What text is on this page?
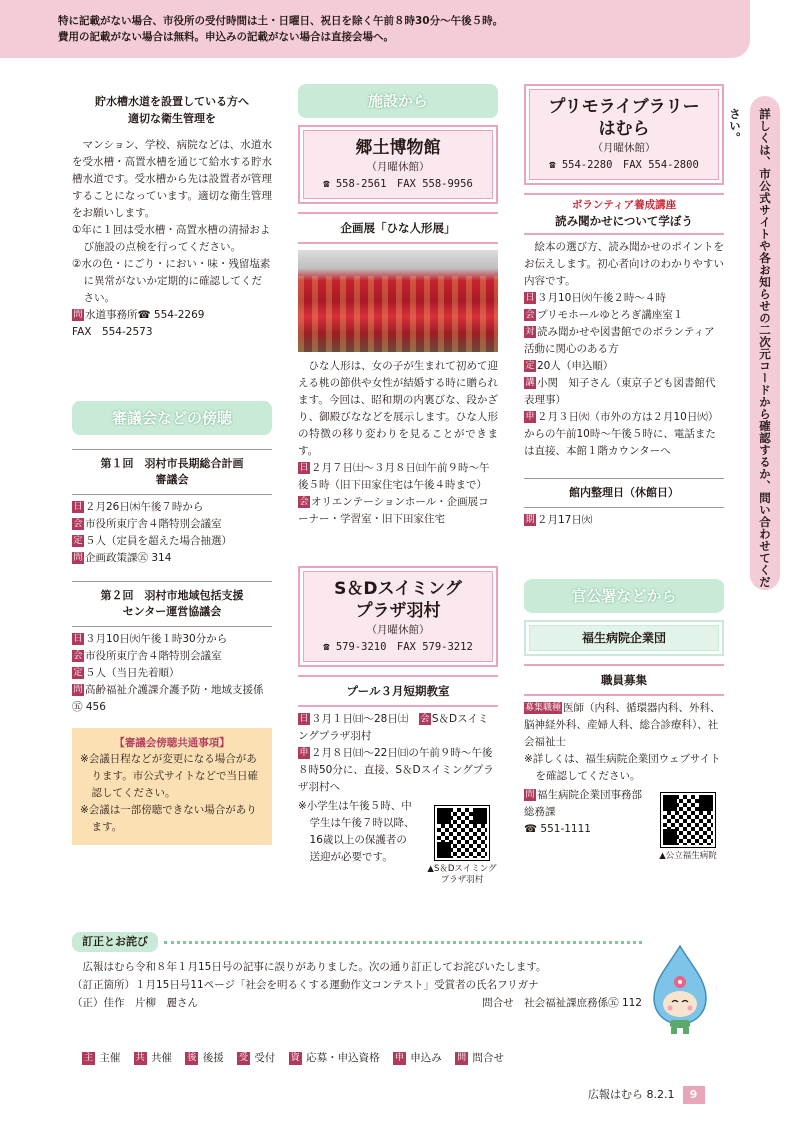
特に記載がない場合、市役所の受付時間は土・日曜日、祝日を除く午前８時30分～午後５時。
費用の記載がない場合は無料。申込みの記載がない場合は直接会場へ。
貯水槽水道を設置している方へ
適切な衛生管理を

マンション、学校、病院などは、水道水を受水槽・高置水槽を通じて給水する貯水槽水道です。受水槽から先は設置者が管理することになっています。適切な衛生管理をお願いします。

①年に１回は受水槽・高置水槽の清掃および施設の点検を行ってください。

②水の色・にごり・におい・味・残留塩素に異常がないか定期的に確認してください。

問 水道事務所☎ 554-2269

FAX　554-2573

審議会などの傍聴
第１回　羽村市長期総合計画
審議会

日 ２月26日㈭午後７時から

会 市役所東庁舎４階特別会議室

定 ５人（定員を超えた場合抽選）

問 企画政策課㊄ 314

第２回　羽村市地域包括支援
センター運営協議会

日 ３月10日㈫午後１時30分から

会 市役所東庁舎４階特別会議室

定 ５人（当日先着順）

問 高齢福祉介護課介護予防・地域支援係㊄ 456

【審議会傍聴共通事項】

※会議日程などが変更になる場合があります。市公式サイトなどで当日確認してください。

※会議は一部傍聴できない場合があります。

施設から
郷土博物館
（月曜休館）
☎ 558-2561　FAX 558-9956
企画展「ひな人形展」

ひな人形は、女の子が生まれて初めて迎える桃の節供や女性が結婚する時に贈られます。今回は、昭和期の内裏びな、段かざり、御殿びななどを展示します。ひな人形の特徴の移り変わりを見ることができます。

日 ２月７日㈯～３月８日㈰午前９時～午後５時（旧下田家住宅は午後４時まで）

会 オリエンテーションホール・企画展コーナー・学習室・旧下田家住宅

S＆Dスイミング
プラザ羽村
（月曜休館）
☎ 579-3210　FAX 579-3212
プール３月短期教室

日 ３月１日㈰～28日㈯　 会 S＆Dスイミングプラザ羽村

申 ２月８日㈰～22日㈰の午前９時～午後８時50分に、直接、S＆Dスイミングプラザ羽村へ

※小学生は午後５時、中学生は午後７時以降、16歳以上の保護者の送迎が必要です。

▲S＆Dスイミングプラザ羽村
プリモライブラリー
はむら
（月曜休館）
☎ 554-2280　FAX 554-2800
ボランティア養成講座
読み聞かせについて学ぼう

絵本の選び方、読み聞かせのポイントをお伝えします。初心者向けのわかりやすい内容です。

日 ３月10日㈫午後２時～４時

会 プリモホールゆとろぎ講座室１

対 読み聞かせや図書館でのボランティア活動に関心のある方

定 20人（申込順）

講 小関　知子さん（東京子ども図書館代表理事）

申 ２月３日㈫（市外の方は２月10日㈫）からの午前10時～午後５時に、電話または直接、本館１階カウンターへ

館内整理日（休館日）

期 ２月17日㈫

官公署などから
福生病院企業団
職員募集

募集職種 医師（内科、循環器内科、外科、脳神経外科、産婦人科、総合診療科）、社会福祉士

※詳しくは、福生病院企業団ウェブサイトを確認してください。

問 福生病院企業団事務部総務課

☎ 551-1111

▲公立福生病院
詳しくは、市公式サイトや各お知らせの二次元コードから確認するか、問い合わせてください。
訂正とお詫び

広報はむら令和８年１月15日号の記事に誤りがありました。次の通り訂正してお詫びいたします。

（訂正箇所）１月15日号11ページ「社会を明るくする運動作文コンテスト」受賞者の氏名フリガナ

（正）佳作　片柳　麗さん	問合せ　社会福祉課庶務係㊄ 112

主 主催 共 共催 後 後援 受 受付 資 応募・申込資格 申 申込み 問 問合せ
広報はむら 8.2.1 9
